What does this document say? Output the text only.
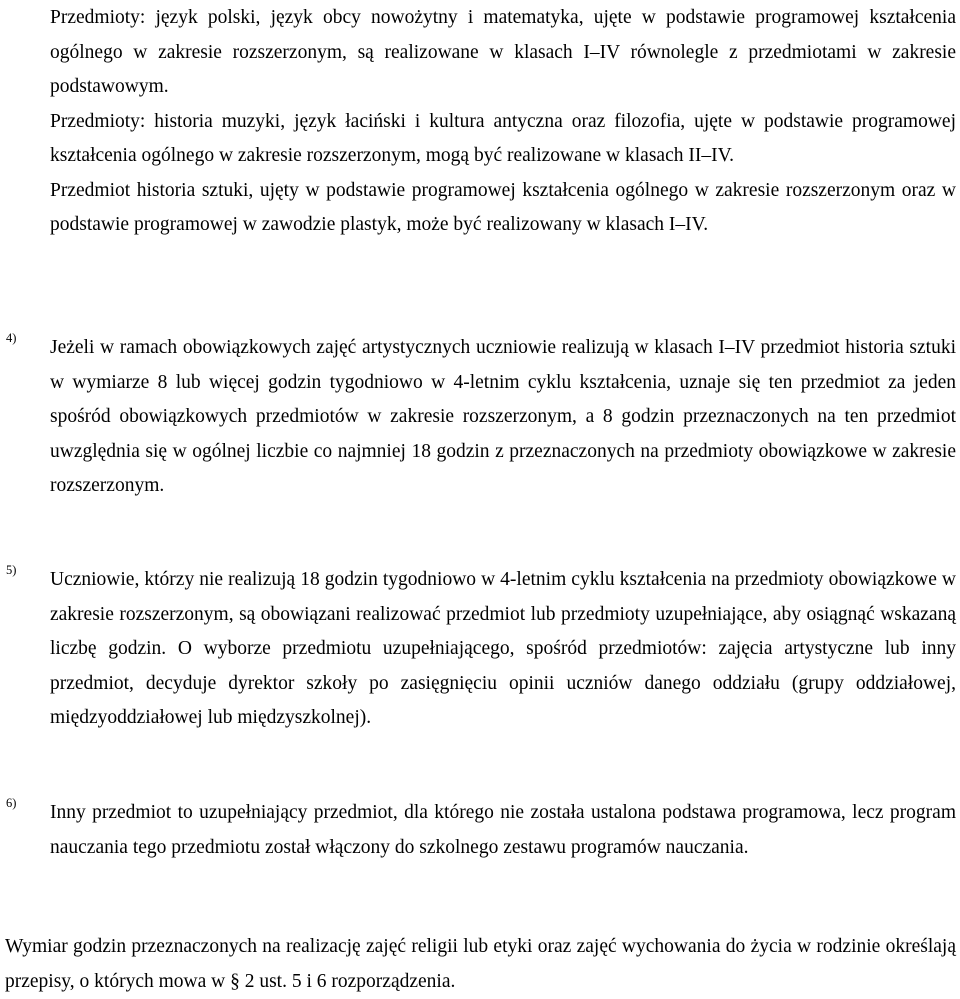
Przedmioty: język polski, język obcy nowożytny i matematyka, ujęte w podstawie programowej kształcenia ogólnego w zakresie rozszerzonym, są realizowane w klasach I–IV równolegle z przedmiotami w zakresie podstawowym.

Przedmioty: historia muzyki, język łaciński i kultura antyczna oraz filozofia, ujęte w podstawie programowej kształcenia ogólnego w zakresie rozszerzonym, mogą być realizowane w klasach II–IV.

Przedmiot historia sztuki, ujęty w podstawie programowej kształcenia ogólnego w zakresie rozszerzonym oraz w podstawie programowej w zawodzie plastyk, może być realizowany w klasach I–IV.

4) Jeżeli w ramach obowiązkowych zajęć artystycznych uczniowie realizują w klasach I–IV przedmiot historia sztuki w wymiarze 8 lub więcej godzin tygodniowo w 4-letnim cyklu kształcenia, uznaje się ten przedmiot za jeden spośród obowiązkowych przedmiotów w zakresie rozszerzonym, a 8 godzin przeznaczonych na ten przedmiot uwzględnia się w ogólnej liczbie co najmniej 18 godzin z przeznaczonych na przedmioty obowiązkowe w zakresie rozszerzonym.

5) Uczniowie, którzy nie realizują 18 godzin tygodniowo w 4-letnim cyklu kształcenia na przedmioty obowiązkowe w zakresie rozszerzonym, są obowiązani realizować przedmiot lub przedmioty uzupełniające, aby osiągnąć wskazaną liczbę godzin. O wyborze przedmiotu uzupełniającego, spośród przedmiotów: zajęcia artystyczne lub inny przedmiot, decyduje dyrektor szkoły po zasięgnięciu opinii uczniów danego oddziału (grupy oddziałowej, międzyoddziałowej lub międzyszkolnej).

6) Inny przedmiot to uzupełniający przedmiot, dla którego nie została ustalona podstawa programowa, lecz program nauczania tego przedmiotu został włączony do szkolnego zestawu programów nauczania.

Wymiar godzin przeznaczonych na realizację zajęć religii lub etyki oraz zajęć wychowania do życia w rodzinie określają przepisy, o których mowa w § 2 ust. 5 i 6 rozporządzenia.
